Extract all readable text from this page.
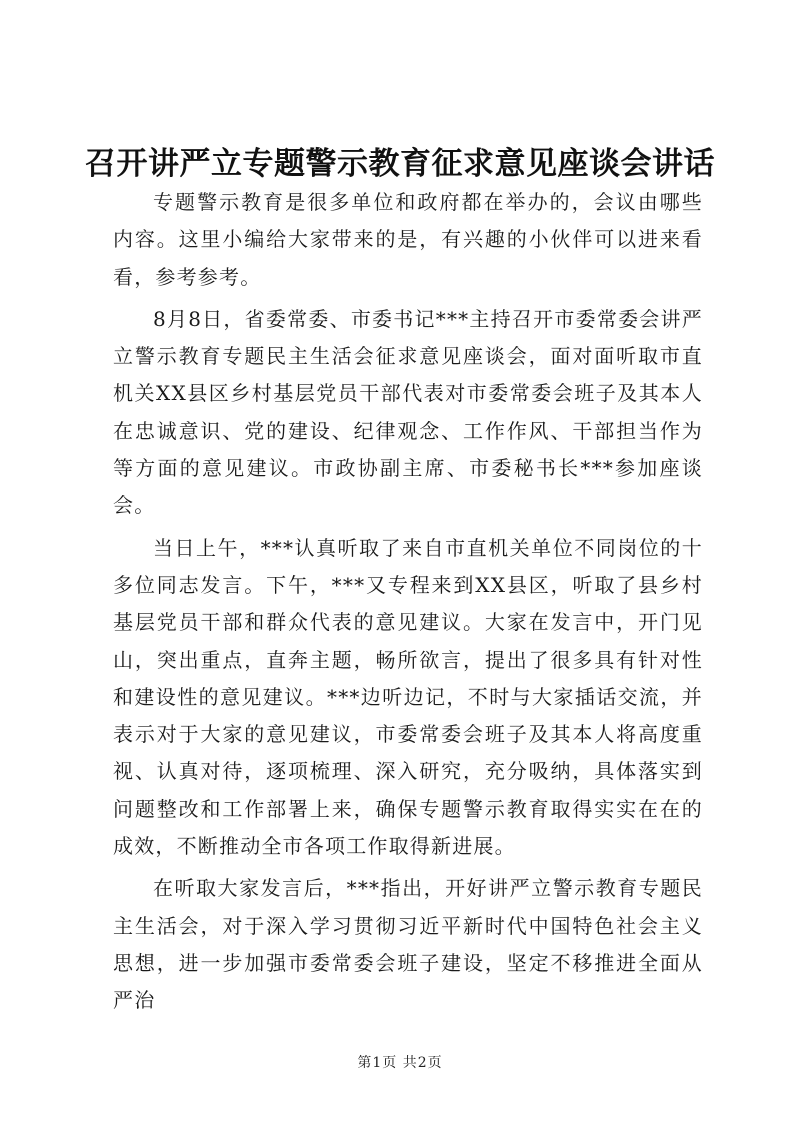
召开讲严立专题警示教育征求意见座谈会讲话

专题警示教育是很多单位和政府都在举办的，会议由哪些内容。这里小编给大家带来的是，有兴趣的小伙伴可以进来看看，参考参考。

8月8日，省委常委、市委书记***主持召开市委常委会讲严立警示教育专题民主生活会征求意见座谈会，面对面听取市直机关XX县区乡村基层党员干部代表对市委常委会班子及其本人在忠诚意识、党的建设、纪律观念、工作作风、干部担当作为等方面的意见建议。市政协副主席、市委秘书长***参加座谈会。

当日上午，***认真听取了来自市直机关单位不同岗位的十多位同志发言。下午，***又专程来到XX县区，听取了县乡村基层党员干部和群众代表的意见建议。大家在发言中，开门见山，突出重点，直奔主题，畅所欲言，提出了很多具有针对性和建设性的意见建议。***边听边记，不时与大家插话交流，并表示对于大家的意见建议，市委常委会班子及其本人将高度重视、认真对待，逐项梳理、深入研究，充分吸纳，具体落实到问题整改和工作部署上来，确保专题警示教育取得实实在在的成效，不断推动全市各项工作取得新进展。

在听取大家发言后，***指出，开好讲严立警示教育专题民主生活会，对于深入学习贯彻习近平新时代中国特色社会主义思想，进一步加强市委常委会班子建设，坚定不移推进全面从严治

第1页 共2页
